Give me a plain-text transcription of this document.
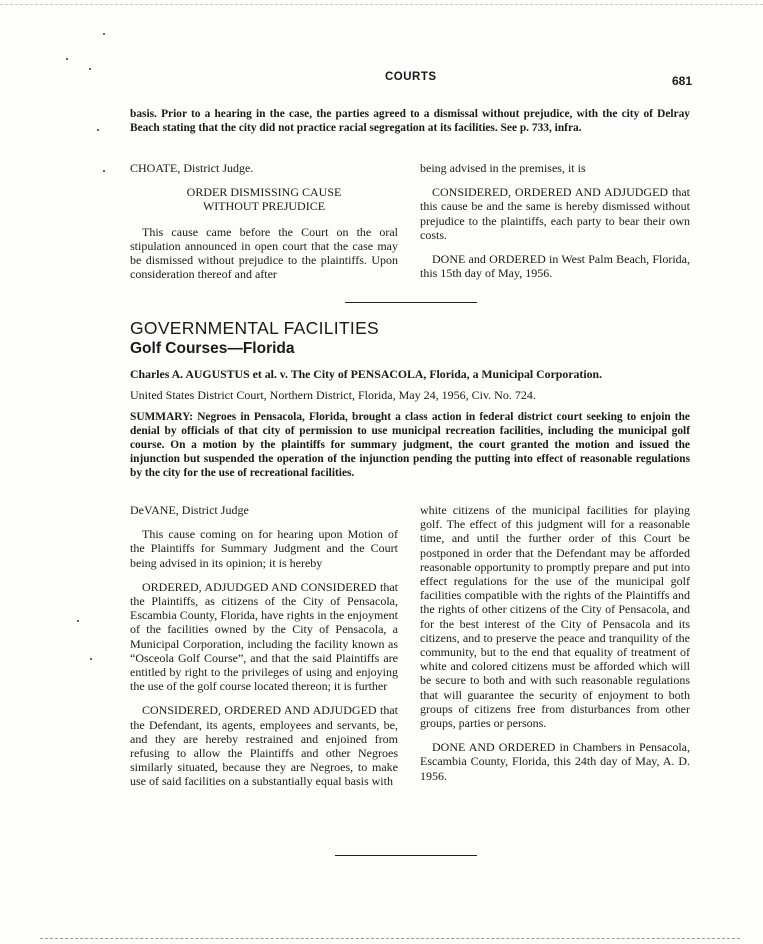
COURTS	681
basis. Prior to a hearing in the case, the parties agreed to a dismissal without prejudice, with the city of Delray Beach stating that the city did not practice racial segregation at its facilities. See p. 733, infra.

CHOATE, District Judge.

ORDER DISMISSING CAUSE

WITHOUT PREJUDICE

This cause came before the Court on the oral stipulation announced in open court that the case may be dismissed without prejudice to the plaintiffs. Upon consideration thereof and after

being advised in the premises, it is

CONSIDERED, ORDERED AND ADJUDGED that this cause be and the same is hereby dismissed without prejudice to the plaintiffs, each party to bear their own costs.

DONE and ORDERED in West Palm Beach, Florida, this 15th day of May, 1956.

GOVERNMENTAL FACILITIES
Golf Courses—Florida
Charles A. AUGUSTUS et al. v. The City of PENSACOLA, Florida, a Municipal Corporation.
United States District Court, Northern District, Florida, May 24, 1956, Civ. No. 724.
SUMMARY: Negroes in Pensacola, Florida, brought a class action in federal district court seeking to enjoin the denial by officials of that city of permission to use municipal recreation facilities, including the municipal golf course. On a motion by the plaintiffs for summary judgment, the court granted the motion and issued the injunction but suspended the operation of the injunction pending the putting into effect of reasonable regulations by the city for the use of recreational facilities.

DeVANE, District Judge

This cause coming on for hearing upon Motion of the Plaintiffs for Summary Judgment and the Court being advised in its opinion; it is hereby

ORDERED, ADJUDGED AND CONSIDERED that the Plaintiffs, as citizens of the City of Pensacola, Escambia County, Florida, have rights in the enjoyment of the facilities owned by the City of Pensacola, a Municipal Corporation, including the facility known as “Osceola Golf Course”, and that the said Plaintiffs are entitled by right to the privileges of using and enjoying the use of the golf course located thereon; it is further

CONSIDERED, ORDERED AND ADJUDGED that the Defendant, its agents, employees and servants, be, and they are hereby restrained and enjoined from refusing to allow the Plaintiffs and other Negroes similarly situated, because they are Negroes, to make use of said facilities on a substantially equal basis with

white citizens of the municipal facilities for playing golf. The effect of this judgment will for a reasonable time, and until the further order of this Court be postponed in order that the Defendant may be afforded reasonable opportunity to promptly prepare and put into effect regulations for the use of the municipal golf facilities compatible with the rights of the Plaintiffs and the rights of other citizens of the City of Pensacola, and for the best interest of the City of Pensacola and its citizens, and to preserve the peace and tranquility of the community, but to the end that equality of treatment of white and colored citizens must be afforded which will be secure to both and with such reasonable regulations that will guarantee the security of enjoyment to both groups of citizens free from disturbances from other groups, parties or persons.

DONE AND ORDERED in Chambers in Pensacola, Escambia County, Florida, this 24th day of May, A. D. 1956.
